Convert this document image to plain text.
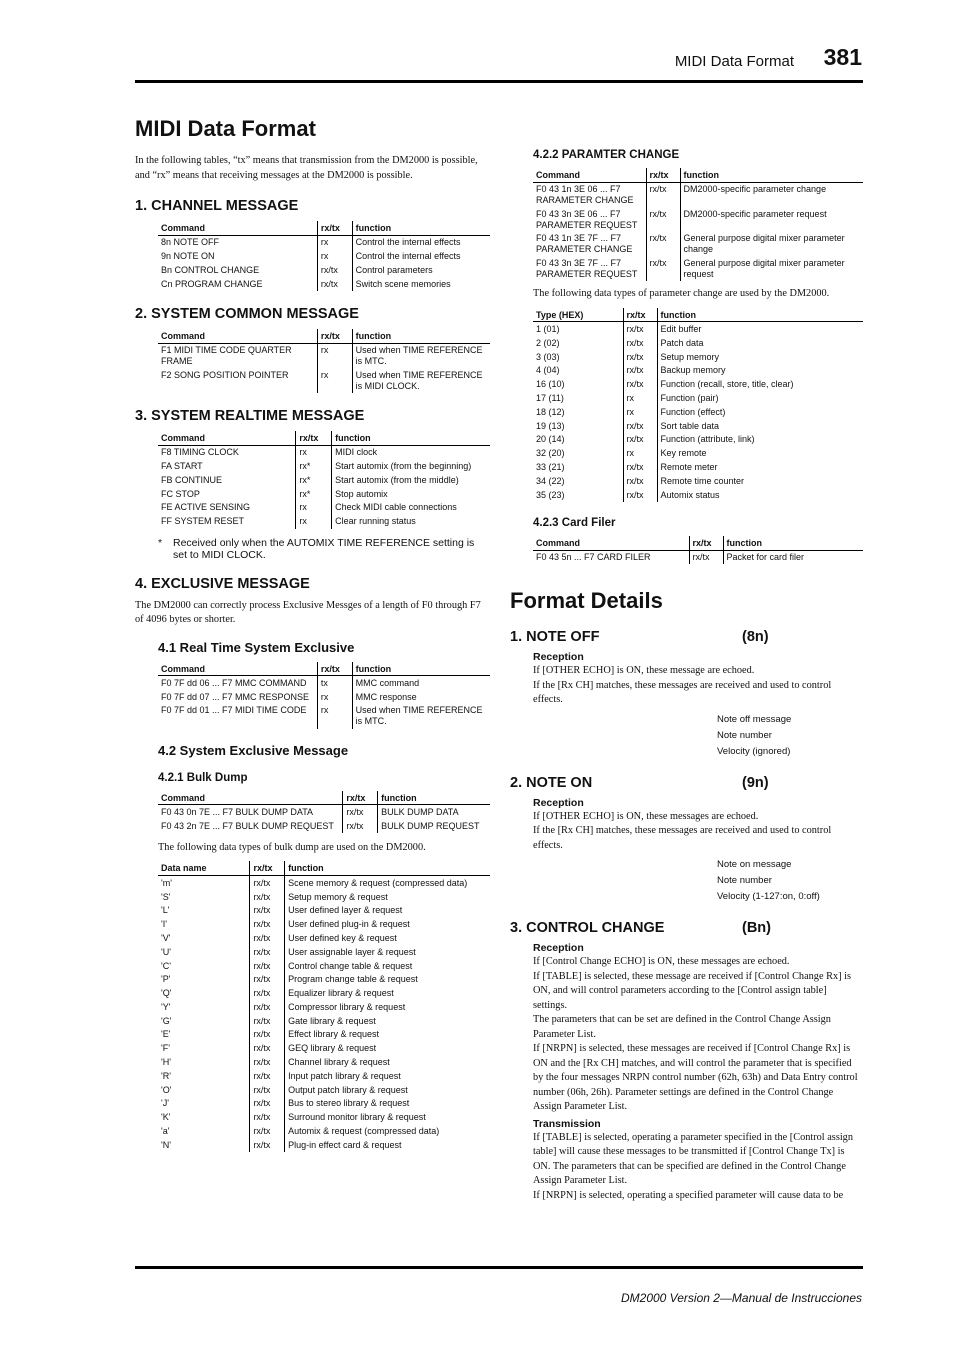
MIDI Data Format 381
MIDI Data Format

In the following tables, “tx” means that transmission from the DM2000 is possible, and “rx” means that receiving messages at the DM2000 is possible.

1. CHANNEL MESSAGE
Command	rx/tx	function
8n NOTE OFF	rx	Control the internal effects
9n NOTE ON	rx	Control the internal effects
Bn CONTROL CHANGE	rx/tx	Control parameters
Cn PROGRAM CHANGE	rx/tx	Switch scene memories
2. SYSTEM COMMON MESSAGE
Command	rx/tx	function
F1 MIDI TIME CODE QUARTER FRAME	rx	Used when TIME REFERENCE is MTC.
F2 SONG POSITION POINTER	rx	Used when TIME REFERENCE is MIDI CLOCK.
3. SYSTEM REALTIME MESSAGE
Command	rx/tx	function
F8 TIMING CLOCK	rx	MIDI clock
FA START	rx*	Start automix (from the beginning)
FB CONTINUE	rx*	Start automix (from the middle)
FC STOP	rx*	Stop automix
FE ACTIVE SENSING	rx	Check MIDI cable connections
FF SYSTEM RESET	rx	Clear running status
*	Received only when the AUTOMIX TIME REFERENCE setting is set to MIDI CLOCK.
4. EXCLUSIVE MESSAGE

The DM2000 can correctly process Exclusive Messges of a length of F0 through F7 of 4096 bytes or shorter.

4.1 Real Time System Exclusive
Command	rx/tx	function
F0 7F dd 06 ... F7 MMC COMMAND	tx	MMC command
F0 7F dd 07 ... F7 MMC RESPONSE	rx	MMC response
F0 7F dd 01 ... F7 MIDI TIME CODE	rx	Used when TIME REFERENCE is MTC.
4.2 System Exclusive Message
4.2.1 Bulk Dump
Command	rx/tx	function
F0 43 0n 7E ... F7 BULK DUMP DATA	rx/tx	BULK DUMP DATA
F0 43 2n 7E ... F7 BULK DUMP REQUEST	rx/tx	BULK DUMP REQUEST

The following data types of bulk dump are used on the DM2000.

Data name	rx/tx	function
'm'	rx/tx	Scene memory & request (compressed data)
'S'	rx/tx	Setup memory & request
'L'	rx/tx	User defined layer & request
'I'	rx/tx	User defined plug-in & request
'V'	rx/tx	User defined key & request
'U'	rx/tx	User assignable layer & request
'C'	rx/tx	Control change table & request
'P'	rx/tx	Program change table & request
'Q'	rx/tx	Equalizer library & request
'Y'	rx/tx	Compressor library & request
'G'	rx/tx	Gate library & request
'E'	rx/tx	Effect library & request
'F'	rx/tx	GEQ library & request
'H'	rx/tx	Channel library & request
'R'	rx/tx	Input patch library & request
'O'	rx/tx	Output patch library & request
'J'	rx/tx	Bus to stereo library & request
'K'	rx/tx	Surround monitor library & request
'a'	rx/tx	Automix & request (compressed data)
'N'	rx/tx	Plug-in effect card & request
4.2.2 PARAMTER CHANGE
Command	rx/tx	function
F0 43 1n 3E 06 ... F7 RARAMETER CHANGE	rx/tx	DM2000-specific parameter change
F0 43 3n 3E 06 ... F7 PARAMETER REQUEST	rx/tx	DM2000-specific parameter request
F0 43 1n 3E 7F ... F7 PARAMETER CHANGE	rx/tx	General purpose digital mixer parameter change
F0 43 3n 3E 7F ... F7 PARAMETER REQUEST	rx/tx	General purpose digital mixer parameter request

The following data types of parameter change are used by the DM2000.

Type (HEX)	rx/tx	function
1 (01)	rx/tx	Edit buffer
2 (02)	rx/tx	Patch data
3 (03)	rx/tx	Setup memory
4 (04)	rx/tx	Backup memory
16 (10)	rx/tx	Function (recall, store, title, clear)
17 (11)	rx	Function (pair)
18 (12)	rx	Function (effect)
19 (13)	rx/tx	Sort table data
20 (14)	rx/tx	Function (attribute, link)
32 (20)	rx	Key remote
33 (21)	rx/tx	Remote meter
34 (22)	rx/tx	Remote time counter
35 (23)	rx/tx	Automix status
4.2.3 Card Filer
Command	rx/tx	function
F0 43 5n ... F7 CARD FILER	rx/tx	Packet for card filer
Format Details
1. NOTE OFF	(8n)

Reception

If [OTHER ECHO] is ON, these message are echoed.

If the [Rx CH] matches, these messages are received and used to control effects.

Note off message
Note number
Velocity (ignored)
2. NOTE ON	(9n)

Reception

If [OTHER ECHO] is ON, these messages are echoed.

If the [Rx CH] matches, these messages are received and used to control effects.

Note on message
Note number
Velocity (1-127:on, 0:off)
3. CONTROL CHANGE	(Bn)

Reception

If [Control Change ECHO] is ON, these messages are echoed.

If [TABLE] is selected, these message are received if [Control Change Rx] is ON, and will control parameters according to the [Control assign table] settings.

The parameters that can be set are defined in the Control Change Assign Parameter List.

If [NRPN] is selected, these messages are received if [Control Change Rx] is ON and the [Rx CH] matches, and will control the parameter that is specified by the four messages NRPN control number (62h, 63h) and Data Entry control number (06h, 26h). Parameter settings are defined in the Control Change Assign Parameter List.

Transmission

If [TABLE] is selected, operating a parameter specified in the [Control assign table] will cause these messages to be transmitted if [Control Change Tx] is ON. The parameters that can be specified are defined in the Control Change Assign Parameter List.

If [NRPN] is selected, operating a specified parameter will cause data to be

DM2000 Version 2—Manual de Instrucciones
